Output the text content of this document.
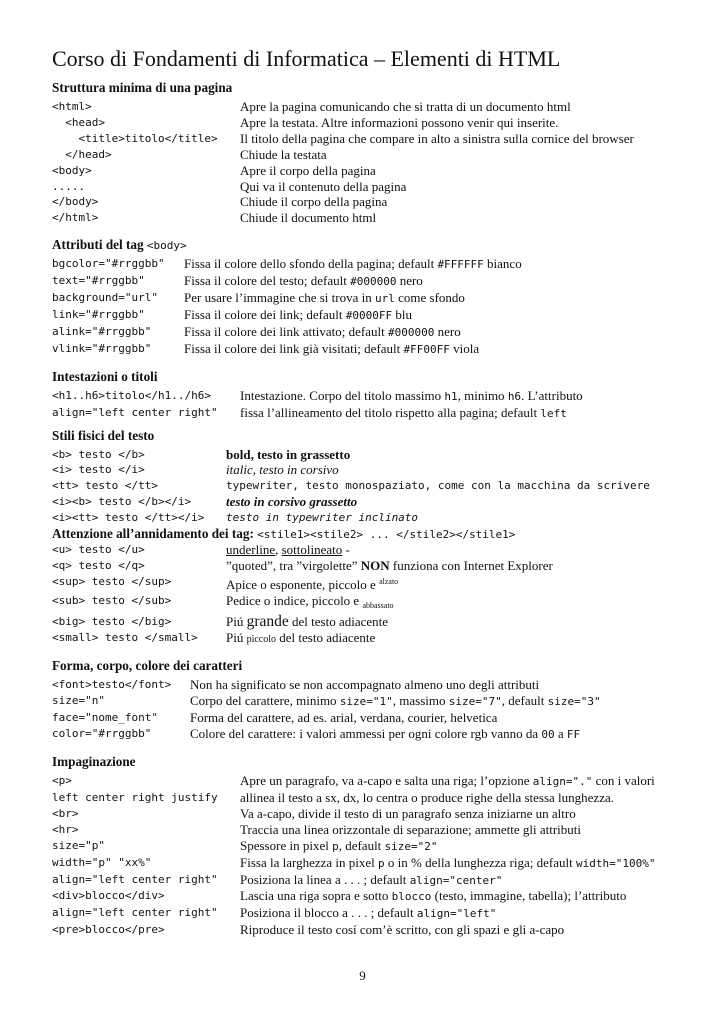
Corso di Fondamenti di Informatica – Elementi di HTML
Struttura minima di una pagina
<html>	Apre la pagina comunicando che si tratta di un documento html
<head>	Apre la testata. Altre informazioni possono venir qui inserite.
<title>titolo</title>	Il titolo della pagina che compare in alto a sinistra sulla cornice del browser
</head>	Chiude la testata
<body>	Apre il corpo della pagina
.....	Qui va il contenuto della pagina
</body>	Chiude il corpo della pagina
</html>	Chiude il documento html
Attributi del tag <body>
bgcolor="#rrggbb"	Fissa il colore dello sfondo della pagina; default #FFFFFF bianco
text="#rrggbb"	Fissa il colore del testo; default #000000 nero
background="url"	Per usare l’immagine che si trova in url come sfondo
link="#rrggbb"	Fissa il colore dei link; default #0000FF blu
alink="#rrggbb"	Fissa il colore dei link attivato; default #000000 nero
vlink="#rrggbb"	Fissa il colore dei link già visitati; default #FF00FF viola
Intestazioni o titoli
<h1..h6>titolo</h1../h6>	Intestazione. Corpo del titolo massimo h1, minimo h6. L’attributo
align="left center right"	fissa l’allineamento del titolo rispetto alla pagina; default left
Stili fisici del testo
<b> testo </b>	bold, testo in grassetto
<i> testo </i>	italic, testo in corsivo
<tt> testo </tt>	typewriter, testo monospaziato, come con la macchina da scrivere
<i><b> testo </b></i>	testo in corsivo grassetto
<i><tt> testo </tt></i>	testo in typewriter inclinato
Attenzione all’annidamento dei tag: <stile1><stile2> ... </stile2></stile1>
<u> testo </u>	underline, sottolineato -
<q> testo </q>	”quoted”, tra ”virgolette” NON funziona con Internet Explorer
<sup> testo </sup>	Apice o esponente, piccolo e $^{alzato}$
<sub> testo </sub>	Pedice o indice, piccolo e $_{abbassato}$
<big> testo </big>	Piú grande del testo adiacente
<small> testo </small>	Piú piccolo del testo adiacente
Forma, corpo, colore dei caratteri
<font>testo</font>	Non ha significato se non accompagnato almeno uno degli attributi
size="n"	Corpo del carattere, minimo size="1", massimo size="7", default size="3"
face="nome_font"	Forma del carattere, ad es. arial, verdana, courier, helvetica
color="#rrggbb"	Colore del carattere: i valori ammessi per ogni colore rgb vanno da 00 a FF
Impaginazione
<p>	Apre un paragrafo, va a-capo e salta una riga; l’opzione align="." con i valori
left center right justify	allinea il testo a sx, dx, lo centra o produce righe della stessa lunghezza.
<br>	Va a-capo, divide il testo di un paragrafo senza iniziarne un altro
<hr>	Traccia una linea orizzontale di separazione; ammette gli attributi
size="p"	Spessore in pixel p, default size="2"
width="p" "xx%"	Fissa la larghezza in pixel p o in % della lunghezza riga; default width="100%"
align="left center right"	Posiziona la linea a . . . ; default align="center"
<div>blocco</div>	Lascia una riga sopra e sotto blocco (testo, immagine, tabella); l’attributo
align="left center right"	Posiziona il blocco a . . . ; default align="left"
<pre>blocco</pre>	Riproduce il testo cosí com’è scritto, con gli spazi e gli a-capo
9
